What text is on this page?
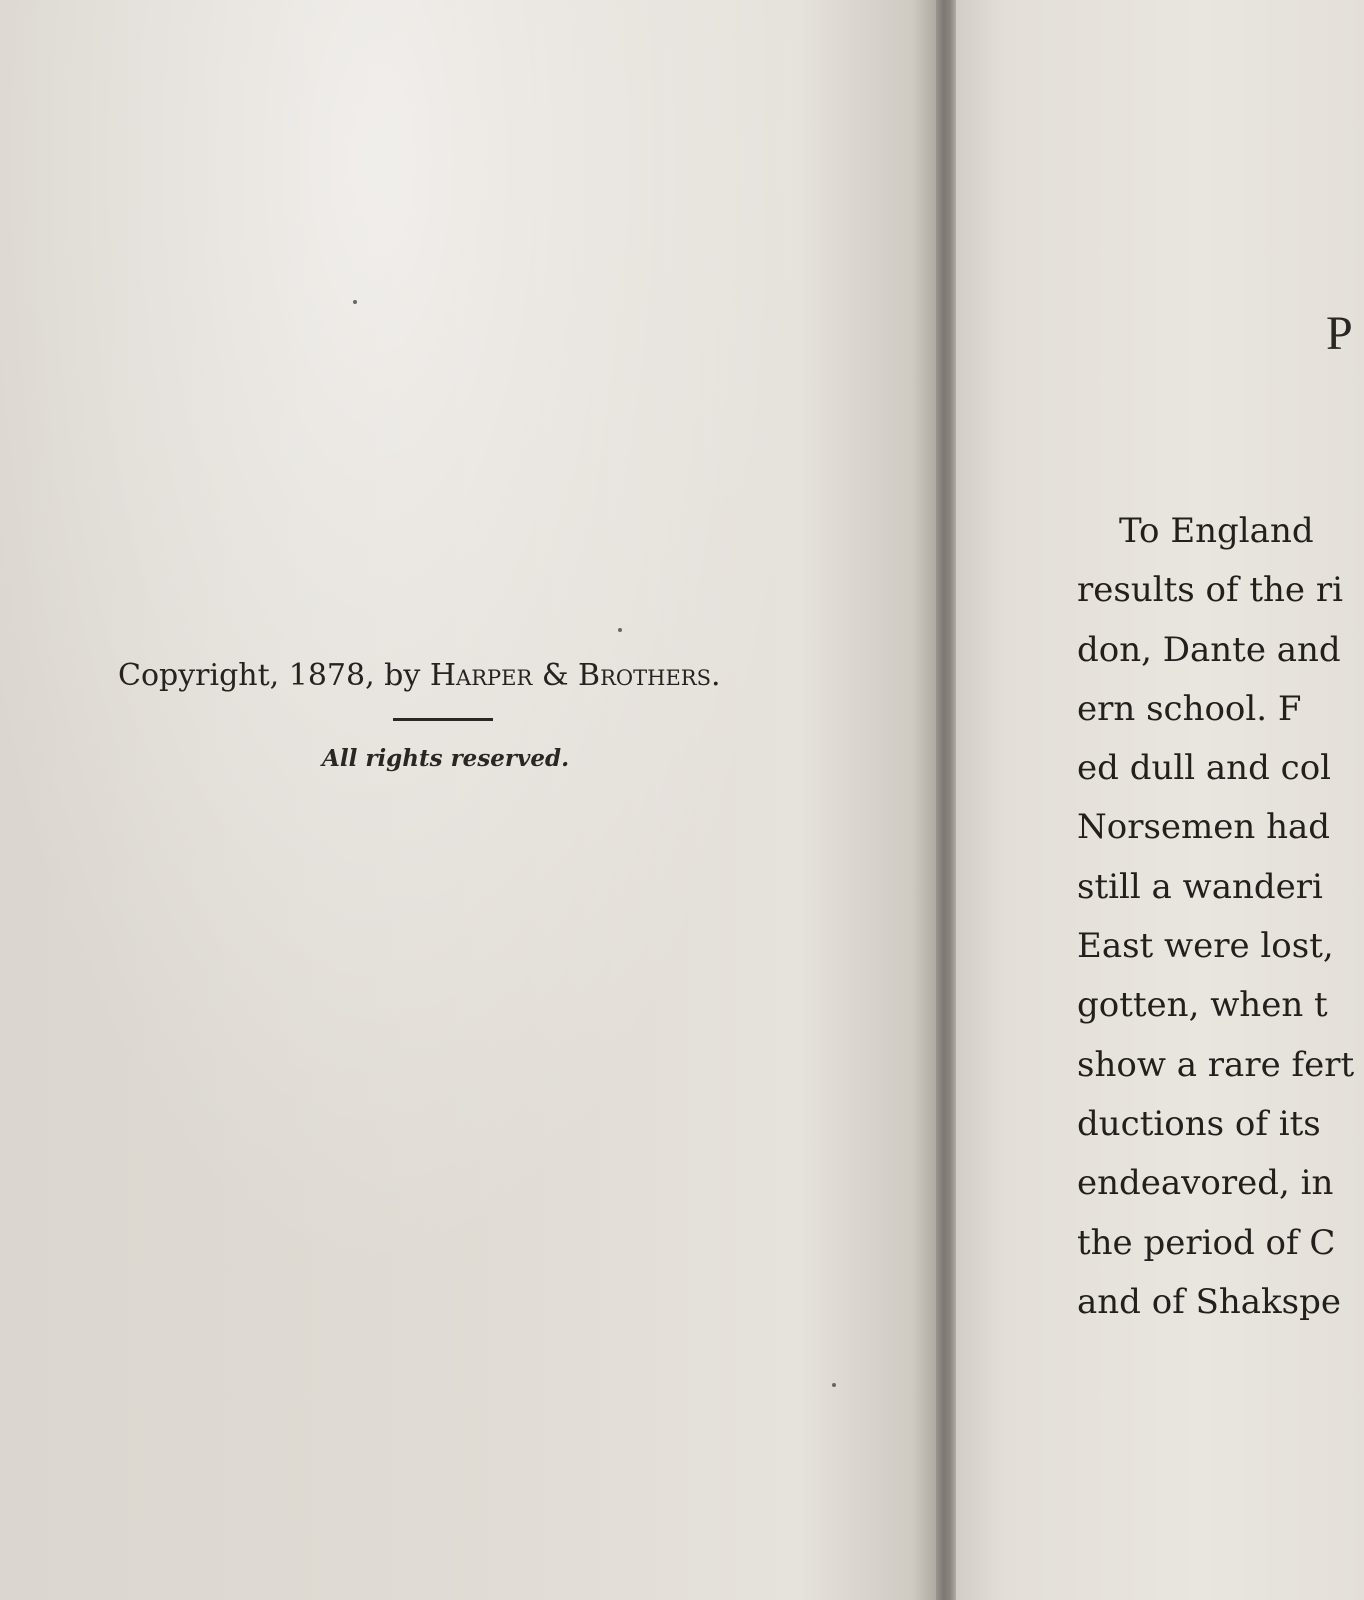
Copyright, 1878, by Harper & Brothers.
All rights reserved.
P
To England
results of the ri
don, Dante and
ern school. F
ed dull and col
Norsemen had
still a wanderi
East were lost,
gotten, when t
show a rare fert
ductions of its
endeavored, in
the period of C
and of Shakspe
